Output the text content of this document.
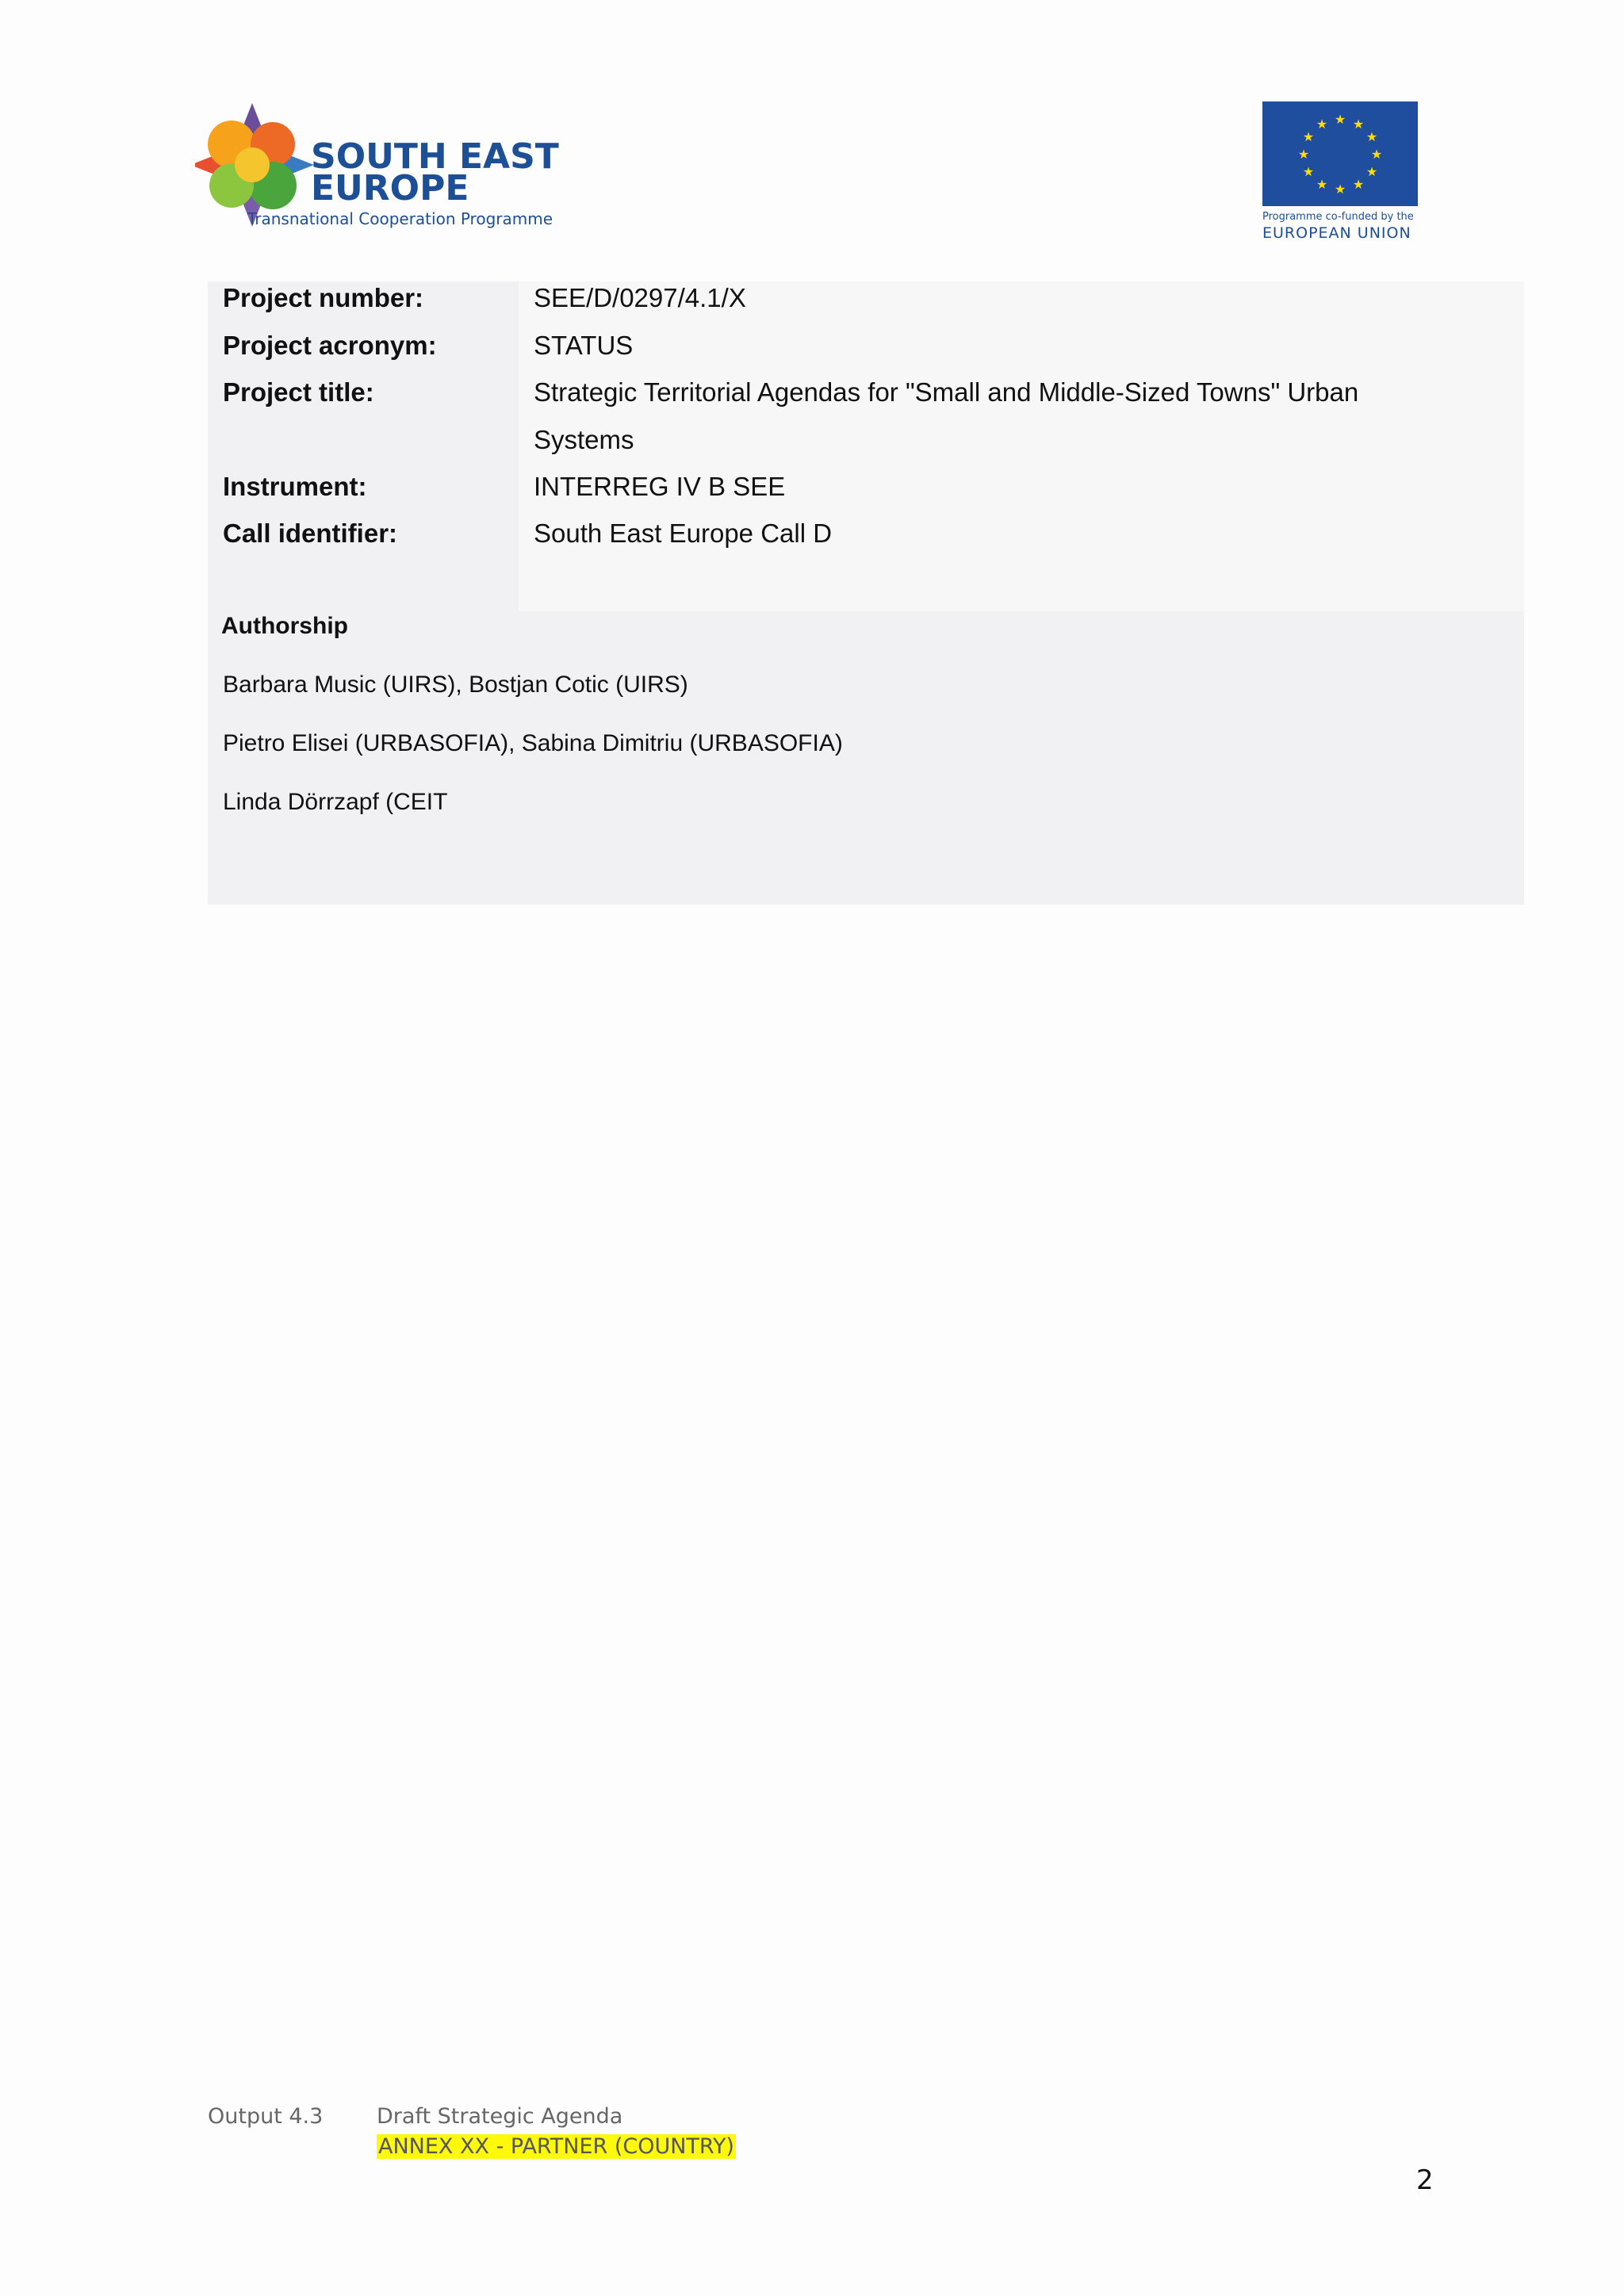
SOUTH EAST
EUROPE
Transnational Cooperation Programme
★ ★
★
★
★
★
★
★
★
★
★
★
Programme co-funded by the
EUROPEAN UNION
Project number:	SEE/D/0297/4.1/X
Project acronym:	STATUS
Project title:	Strategic Territorial Agendas for "Small and Middle-Sized Towns" Urban
Systems
Instrument:	INTERREG IV B SEE
Call identifier:	South East Europe Call D
Authorship
Barbara Music (UIRS), Bostjan Cotic (UIRS)
Pietro Elisei (URBASOFIA), Sabina Dimitriu (URBASOFIA)
Linda Dörrzapf (CEIT
Output 4.3	Draft Strategic Agenda
ANNEX XX - PARTNER (COUNTRY)
2
